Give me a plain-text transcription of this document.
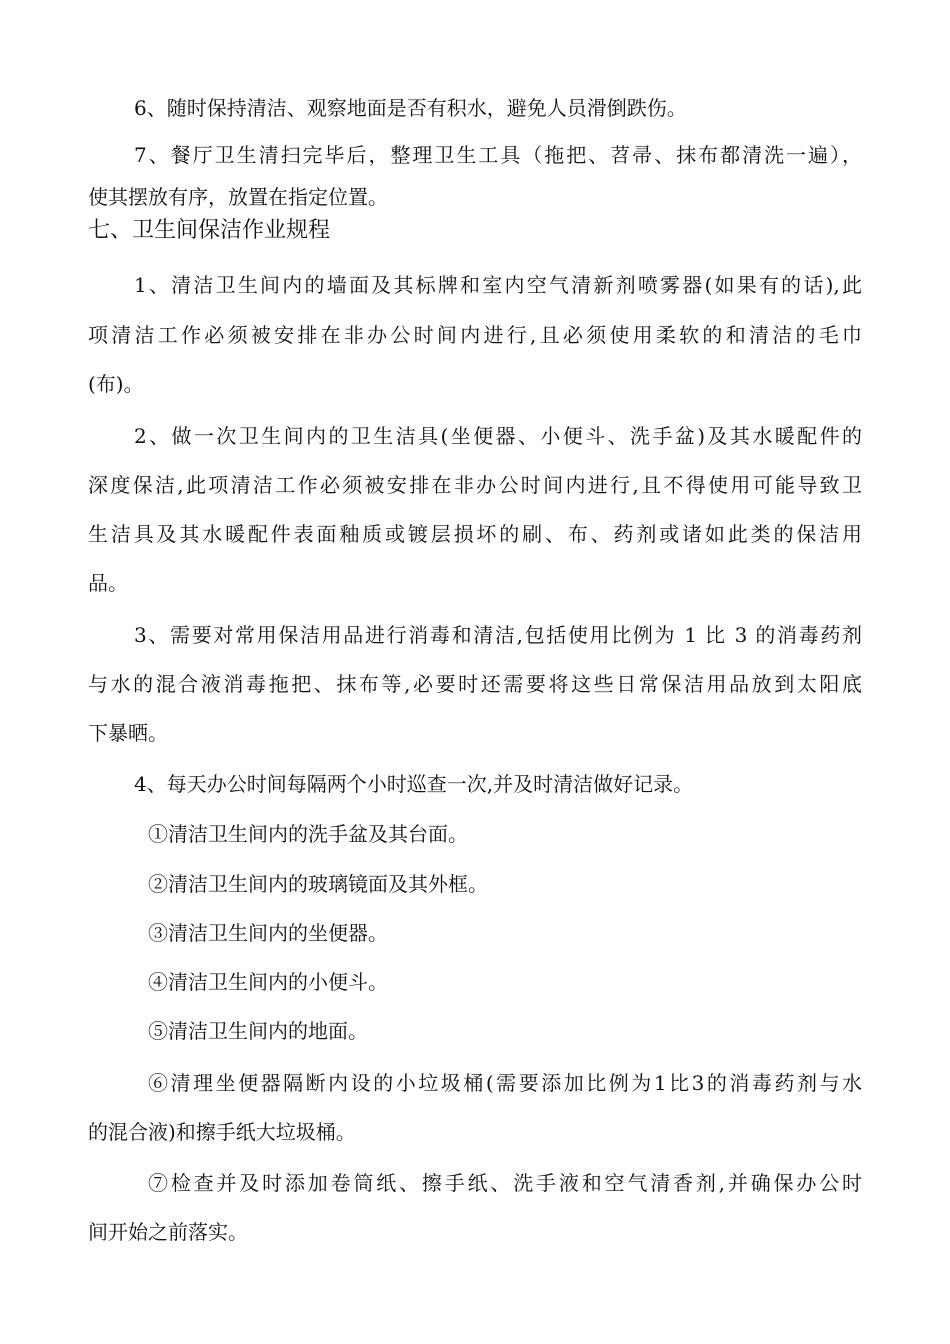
6、随时保持清洁、观察地面是否有积水，避免人员滑倒跌伤。
7、餐厅卫生清扫完毕后，整理卫生工具（拖把、苕帚、抹布都清洗一遍），
使其摆放有序，放置在指定位置。
七、卫生间保洁作业规程
1、清洁卫生间内的墙面及其标牌和室内空气清新剂喷雾器(如果有的话),此
项清洁工作必须被安排在非办公时间内进行,且必须使用柔软的和清洁的毛巾
(布)。
2、做一次卫生间内的卫生洁具(坐便器、小便斗、洗手盆)及其水暖配件的
深度保洁,此项清洁工作必须被安排在非办公时间内进行,且不得使用可能导致卫
生洁具及其水暖配件表面釉质或镀层损坏的刷、布、药剂或诸如此类的保洁用
品。
3、需要对常用保洁用品进行消毒和清洁,包括使用比例为 1 比 3 的消毒药剂
与水的混合液消毒拖把、抹布等,必要时还需要将这些日常保洁用品放到太阳底
下暴晒。
4、每天办公时间每隔两个小时巡查一次,并及时清洁做好记录。
①清洁卫生间内的洗手盆及其台面。
②清洁卫生间内的玻璃镜面及其外框。
③清洁卫生间内的坐便器。
④清洁卫生间内的小便斗。
⑤清洁卫生间内的地面。
⑥清理坐便器隔断内设的小垃圾桶(需要添加比例为1比3的消毒药剂与水
的混合液)和擦手纸大垃圾桶。
⑦检查并及时添加卷筒纸、擦手纸、洗手液和空气清香剂,并确保办公时
间开始之前落实。
